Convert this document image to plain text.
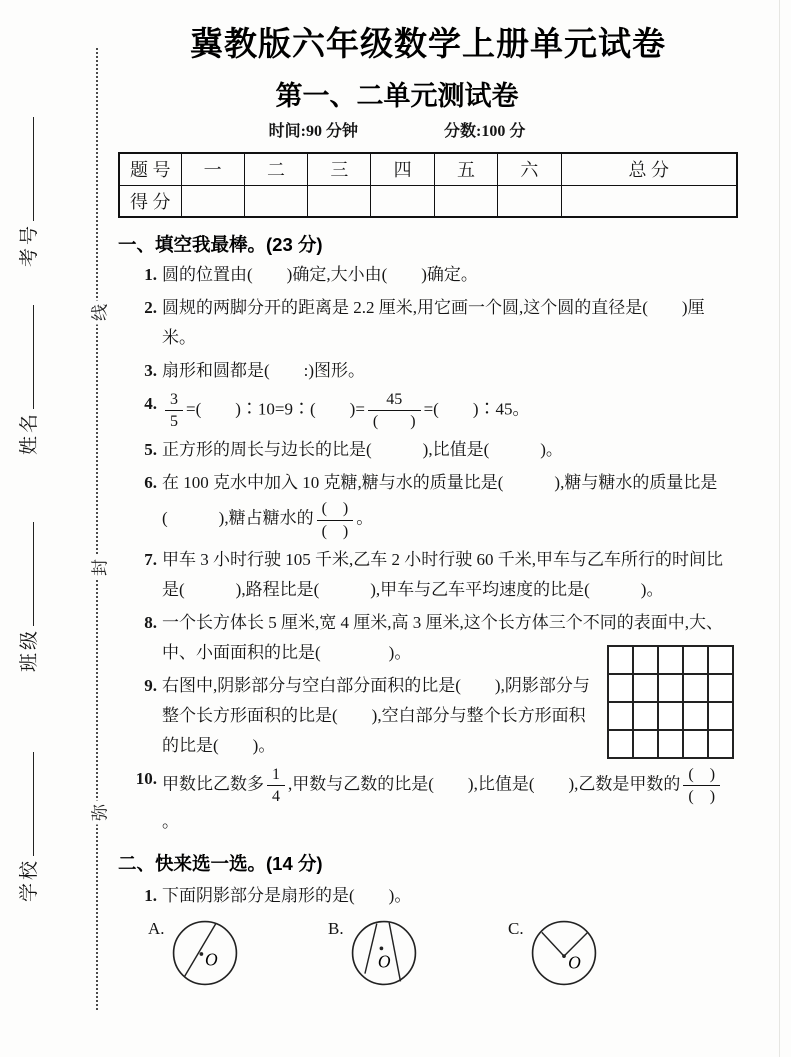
考号
姓名
班级
学校
线
封
弥
冀教版六年级数学上册单元试卷
第一、二单元测试卷
时间:90 分钟	分数:100 分
题 号	一	二	三	四	五	六	总 分
得 分							
一、填空我最棒。(23 分)
1. 圆的位置由(　　)确定,大小由(　　)确定。
2. 圆规的两脚分开的距离是 2.2 厘米,用它画一个圆,这个圆的直径是(　　)厘米。
3. 扇形和圆都是(　　:)图形。
4. $\frac{3}{5}$ =(　　)∶10=9∶(　　)= $\frac{45}{( )}$ =(　　)∶45。
5. 正方形的周长与边长的比是(　　　),比值是(　　　)。
6. 在 100 克水中加入 10 克糖,糖与水的质量比是(　　　),糖与糖水的质量比是(　　　),糖占糖水的 $\frac{( )}{( )}$ 。
7. 甲车 3 小时行驶 105 千米,乙车 2 小时行驶 60 千米,甲车与乙车所行的时间比是(　　　),路程比是(　　　),甲车与乙车平均速度的比是(　　　)。
8. 一个长方体长 5 厘米,宽 4 厘米,高 3 厘米,这个长方体三个不同的表面中,大、中、小面面积的比是(　　　　)。
9. 右图中,阴影部分与空白部分面积的比是(　　),阴影部分与整个长方形面积的比是(　　),空白部分与整个长方形面积的比是(　　)。
10. 甲数比乙数多 $\frac{1}{4}$ ,甲数与乙数的比是(　　),比值是(　　),乙数是甲数的 $\frac{( )}{( )}$
。
二、快来选一选。(14 分)
1. 下面阴影部分是扇形的是(　　)。
A.
O
B.
O
C.
O
